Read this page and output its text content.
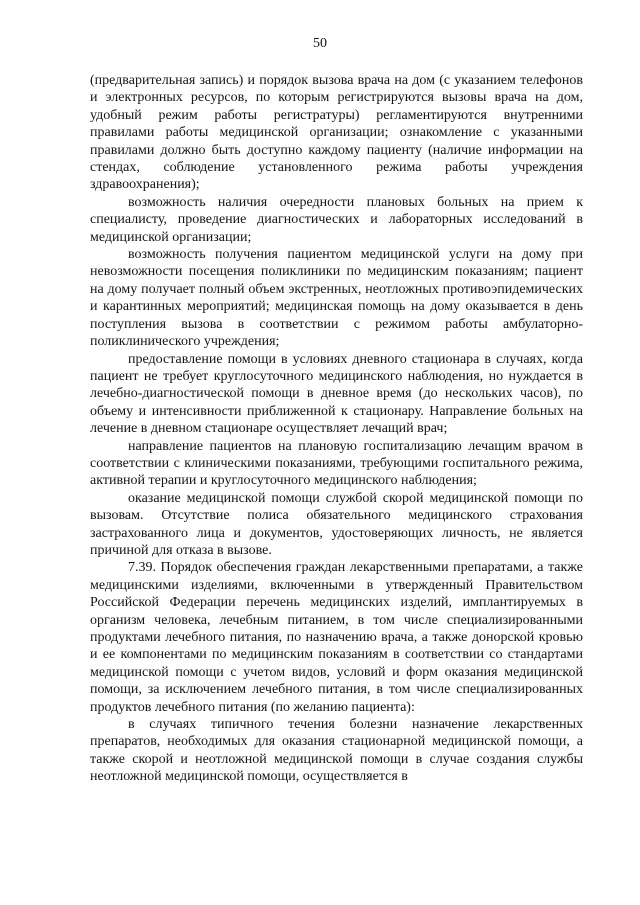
50

(предварительная запись) и порядок вызова врача на дом (с указанием телефонов и электронных ресурсов, по которым регистрируются вызовы врача на дом, удобный режим работы регистратуры) регламентируются внутренними правилами работы медицинской организации; ознакомление с указанными правилами должно быть доступно каждому пациенту (наличие информации на стендах, соблюдение установленного режима работы учреждения здравоохранения);

возможность наличия очередности плановых больных на прием к специалисту, проведение диагностических и лабораторных исследований в медицинской организации;

возможность получения пациентом медицинской услуги на дому при невозможности посещения поликлиники по медицинским показаниям; пациент на дому получает полный объем экстренных, неотложных противоэпидемических и карантинных мероприятий; медицинская помощь на дому оказывается в день поступления вызова в соответствии с режимом работы амбулаторно-поликлинического учреждения;

предоставление помощи в условиях дневного стационара в случаях, когда пациент не требует круглосуточного медицинского наблюдения, но нуждается в лечебно-диагностической помощи в дневное время (до нескольких часов), по объему и интенсивности приближенной к стационару. Направление больных на лечение в дневном стационаре осуществляет лечащий врач;

направление пациентов на плановую госпитализацию лечащим врачом в соответствии с клиническими показаниями, требующими госпитального режима, активной терапии и круглосуточного медицинского наблюдения;

оказание медицинской помощи службой скорой медицинской помощи по вызовам. Отсутствие полиса обязательного медицинского страхования застрахованного лица и документов, удостоверяющих личность, не является причиной для отказа в вызове.

7.39. Порядок обеспечения граждан лекарственными препаратами, а также медицинскими изделиями, включенными в утвержденный Правительством Российской Федерации перечень медицинских изделий, имплантируемых в организм человека, лечебным питанием, в том числе специализированными продуктами лечебного питания, по назначению врача, а также донорской кровью и ее компонентами по медицинским показаниям в соответствии со стандартами медицинской помощи с учетом видов, условий и форм оказания медицинской помощи, за исключением лечебного питания, в том числе специализированных продуктов лечебного питания (по желанию пациента):

в случаях типичного течения болезни назначение лекарственных препаратов, необходимых для оказания стационарной медицинской помощи, а также скорой и неотложной медицинской помощи в случае создания службы неотложной медицинской помощи, осуществляется в
